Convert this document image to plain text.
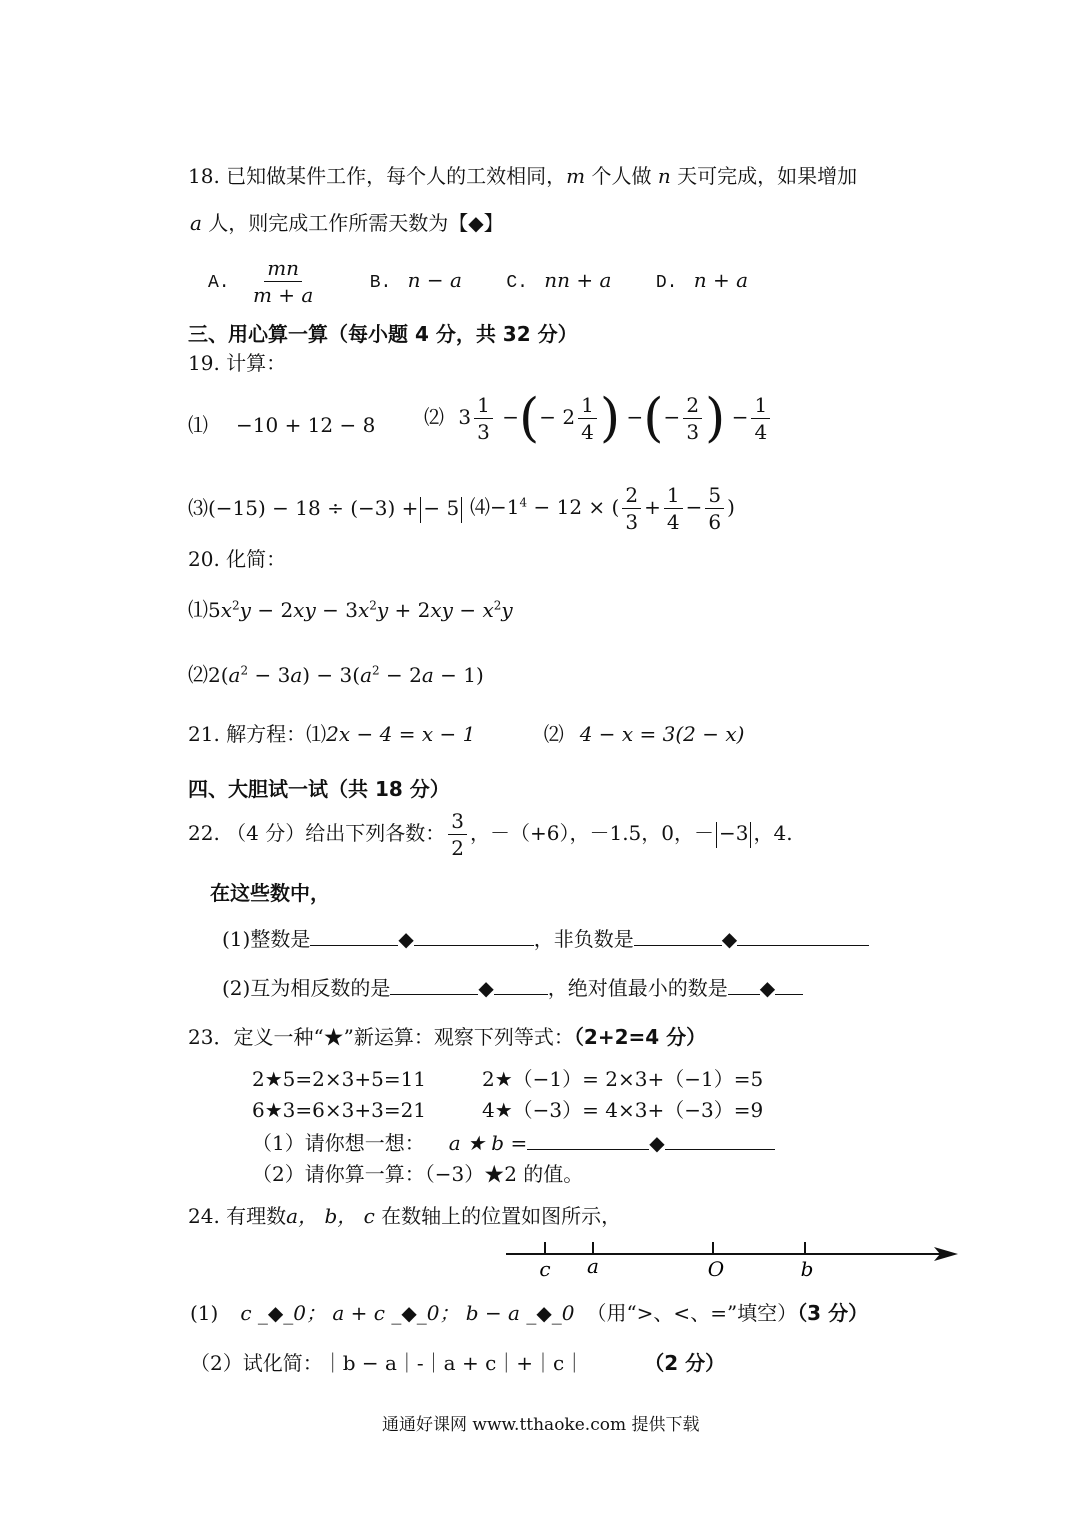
18. 已知做某件工作，每个人的工效相同，m 个人做 n 天可完成，如果增加
a 人，则完成工作所需天数为【◆】
A. $\frac{mn}{m + a}$	B. n − a C. nn + a D. n + a
三、用心算一算（每小题 4 分，共 32 分）
19. 计算：
⑴ −10 + 12 − 8 ⑵ $3 \frac{1}{3}$ −(− $2 \frac{1}{4}$ ) −(− $\frac{2}{3}$ ) − $\frac{1}{4}$
⑶(−15) − 18 ÷ (−3) + − 5 $⑷-1^4 - 12$ × ( $\frac{2}{3} + \frac{1}{4} - \frac{5}{6}$ )
20. 化简：
$⑴5x^2y - 2xy - 3x^2y + 2xy - x^2y$
$⑵2(a^2 - 3a) - 3(a^2 - 2a - 1)$
21. 解方程：⑴2x − 4 = x − 1	⑵ 4 − x = 3(2 − x)
四、大胆试一试（共 18 分）
22. （4 分）给出下列各数： $\frac{3}{2}$ ，－（+6），－1.5，0，－ −3 ，4.
在这些数中，
(1)整数是	◆	，非负数是	◆
(2)互为相反数的是	◆	，绝对值最小的数是 ◆
23．定义一种“★”新运算：观察下列等式：（2+2=4 分）
2★5=2×3+5=11	2★（−1）= 2×3+（−1）=5
6★3=6×3+3=21	4★（−3）= 4×3+（−3）=9
（1）请你想一想： a ★ b =	◆
（2）请你算一算：（−3）★2 的值。
24. 有理数a， b， c 在数轴上的位置如图所示，
c a	O	b
(1) c _◆_0； a + c _◆_0； b − a _◆_0 （用“>、<、=”填空）（3 分）
（2）试化简：｜b − a｜-｜a + c｜+｜c｜	（2 分）
通通好课网 www.tthaoke.com 提供下载
